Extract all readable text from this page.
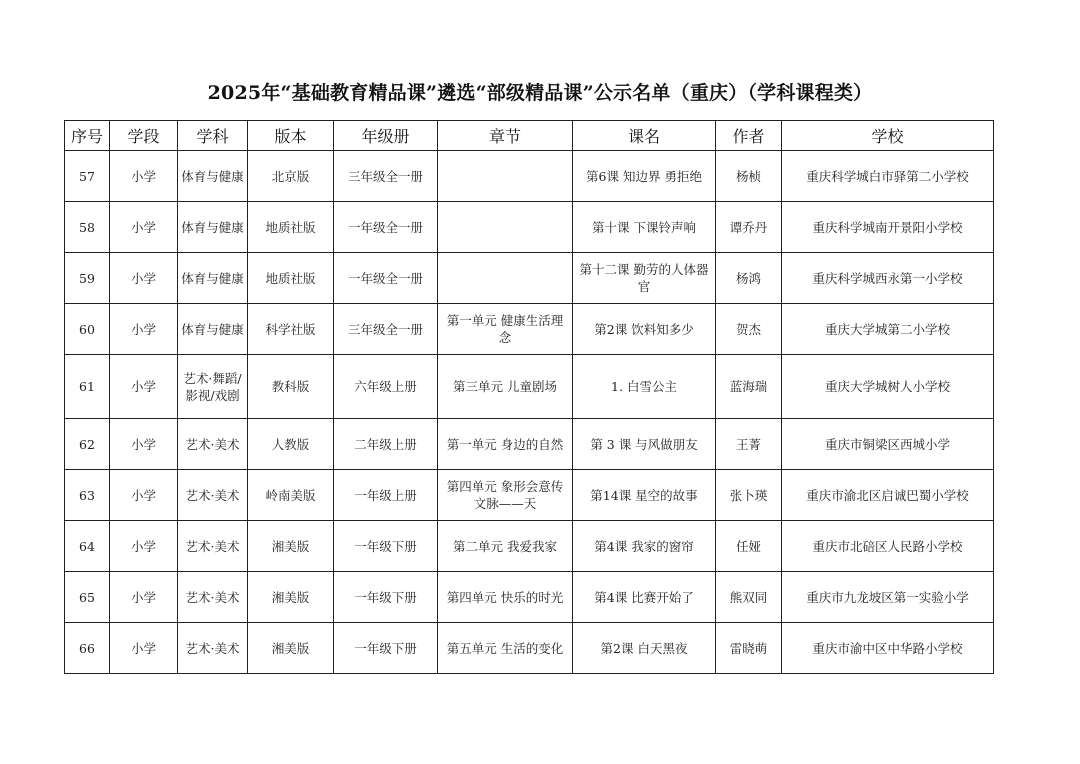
2025年“基础教育精品课”遴选“部级精品课”公示名单（重庆）（学科课程类）
序号	学段	学科	版本	年级册	章节	课名	作者	学校
57	小学	体育与健康	北京版	三年级全一册		第6课 知边界 勇拒绝	杨桢	重庆科学城白市驿第二小学校
58	小学	体育与健康	地质社版	一年级全一册		第十课 下课铃声响	谭乔丹	重庆科学城南开景阳小学校
59	小学	体育与健康	地质社版	一年级全一册		第十二课 勤劳的人体器官	杨鸿	重庆科学城西永第一小学校
60	小学	体育与健康	科学社版	三年级全一册	第一单元 健康生活理念	第2课 饮料知多少	贺杰	重庆大学城第二小学校
61	小学	艺术·舞蹈/影视/戏剧	教科版	六年级上册	第三单元 儿童剧场	1. 白雪公主	蓝海瑞	重庆大学城树人小学校
62	小学	艺术·美术	人教版	二年级上册	第一单元 身边的自然	第 3 课 与风做朋友	王菁	重庆市铜梁区西城小学
63	小学	艺术·美术	岭南美版	一年级上册	第四单元 象形会意传文脉——天	第14课 星空的故事	张卜瑛	重庆市渝北区启诚巴蜀小学校
64	小学	艺术·美术	湘美版	一年级下册	第二单元 我爱我家	第4课 我家的窗帘	任娅	重庆市北碚区人民路小学校
65	小学	艺术·美术	湘美版	一年级下册	第四单元 快乐的时光	第4课 比赛开始了	熊双同	重庆市九龙坡区第一实验小学
66	小学	艺术·美术	湘美版	一年级下册	第五单元 生活的变化	第2课 白天黑夜	雷晓萌	重庆市渝中区中华路小学校
